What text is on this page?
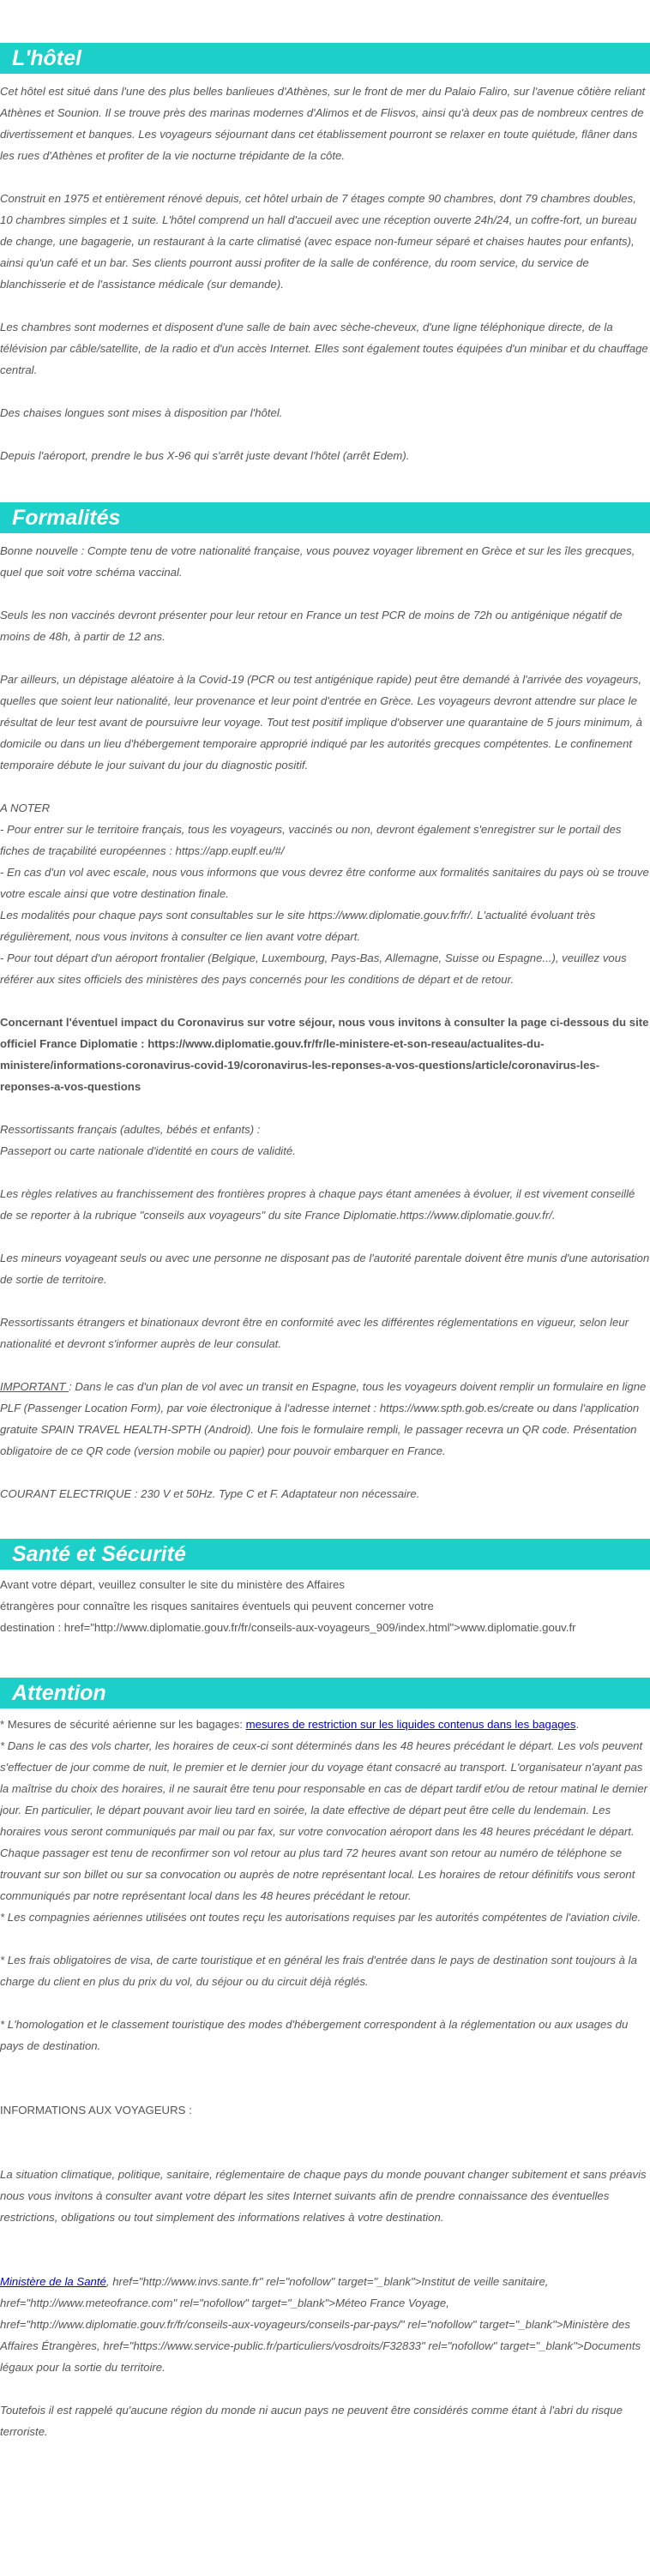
L'hôtel

Cet hôtel est situé dans l'une des plus belles banlieues d'Athènes, sur le front de mer du Palaio Faliro, sur l'avenue côtière reliant Athènes et Sounion. Il se trouve près des marinas modernes d'Alimos et de Flisvos, ainsi qu'à deux pas de nombreux centres de divertissement et banques. Les voyageurs séjournant dans cet établissement pourront se relaxer en toute quiétude, flâner dans les rues d'Athènes et profiter de la vie nocturne trépidante de la côte.

Construit en 1975 et entièrement rénové depuis, cet hôtel urbain de 7 étages compte 90 chambres, dont 79 chambres doubles, 10 chambres simples et 1 suite. L'hôtel comprend un hall d'accueil avec une réception ouverte 24h/24, un coffre-fort, un bureau de change, une bagagerie, un restaurant à la carte climatisé (avec espace non-fumeur séparé et chaises hautes pour enfants), ainsi qu'un café et un bar. Ses clients pourront aussi profiter de la salle de conférence, du room service, du service de blanchisserie et de l'assistance médicale (sur demande).

Les chambres sont modernes et disposent d'une salle de bain avec sèche-cheveux, d'une ligne téléphonique directe, de la télévision par câble/satellite, de la radio et d'un accès Internet. Elles sont également toutes équipées d'un minibar et du chauffage central.

Des chaises longues sont mises à disposition par l'hôtel.

Depuis l'aéroport, prendre le bus X-96 qui s'arrêt juste devant l'hôtel (arrêt Edem).

Formalités

Bonne nouvelle : Compte tenu de votre nationalité française, vous pouvez voyager librement en Grèce et sur les îles grecques, quel que soit votre schéma vaccinal.

Seuls les non vaccinés devront présenter pour leur retour en France un test PCR de moins de 72h ou antigénique négatif de moins de 48h, à partir de 12 ans.

Par ailleurs, un dépistage aléatoire à la Covid-19 (PCR ou test antigénique rapide) peut être demandé à l'arrivée des voyageurs, quelles que soient leur nationalité, leur provenance et leur point d'entrée en Grèce. Les voyageurs devront attendre sur place le résultat de leur test avant de poursuivre leur voyage. Tout test positif implique d'observer une quarantaine de 5 jours minimum, à domicile ou dans un lieu d'hébergement temporaire approprié indiqué par les autorités grecques compétentes. Le confinement temporaire débute le jour suivant du jour du diagnostic positif.

A NOTER

- Pour entrer sur le territoire français, tous les voyageurs, vaccinés ou non, devront également s'enregistrer sur le portail des fiches de traçabilité européennes : https://app.euplf.eu/#/

- En cas d'un vol avec escale, nous vous informons que vous devrez être conforme aux formalités sanitaires du pays où se trouve votre escale ainsi que votre destination finale.

Les modalités pour chaque pays sont consultables sur le site https://www.diplomatie.gouv.fr/fr/. L'actualité évoluant très régulièrement, nous vous invitons à consulter ce lien avant votre départ.

- Pour tout départ d'un aéroport frontalier (Belgique, Luxembourg, Pays-Bas, Allemagne, Suisse ou Espagne...), veuillez vous référer aux sites officiels des ministères des pays concernés pour les conditions de départ et de retour.

Concernant l'éventuel impact du Coronavirus sur votre séjour, nous vous invitons à consulter la page ci-dessous du site officiel France Diplomatie : https://www.diplomatie.gouv.fr/fr/le-ministere-et-son-reseau/actualites-du-ministere/informations-coronavirus-covid-19/coronavirus-les-reponses-a-vos-questions/article/coronavirus-les-reponses-a-vos-questions

Ressortissants français (adultes, bébés et enfants) :

Passeport ou carte nationale d'identité en cours de validité.

Les règles relatives au franchissement des frontières propres à chaque pays étant amenées à évoluer, il est vivement conseillé de se reporter à la rubrique "conseils aux voyageurs" du site France Diplomatie.https://www.diplomatie.gouv.fr/.

Les mineurs voyageant seuls ou avec une personne ne disposant pas de l'autorité parentale doivent être munis d'une autorisation de sortie de territoire.

Ressortissants étrangers et binationaux devront être en conformité avec les différentes réglementations en vigueur, selon leur nationalité et devront s'informer auprès de leur consulat.

IMPORTANT : Dans le cas d'un plan de vol avec un transit en Espagne, tous les voyageurs doivent remplir un formulaire en ligne PLF (Passenger Location Form), par voie électronique à l'adresse internet : https://www.spth.gob.es/create ou dans l'application gratuite SPAIN TRAVEL HEALTH-SPTH (Android). Une fois le formulaire rempli, le passager recevra un QR code. Présentation obligatoire de ce QR code (version mobile ou papier) pour pouvoir embarquer en France.

COURANT ELECTRIQUE : 230 V et 50Hz. Type C et F. Adaptateur non nécessaire.

Santé et Sécurité

Avant votre départ, veuillez consulter le site du ministère des Affaires

étrangères pour connaître les risques sanitaires éventuels qui peuvent concerner votre

destination : href="http://www.diplomatie.gouv.fr/fr/conseils-aux-voyageurs_909/index.html">www.diplomatie.gouv.fr

Attention

* Mesures de sécurité aérienne sur les bagages: mesures de restriction sur les liquides contenus dans les bagages.

* Dans le cas des vols charter, les horaires de ceux-ci sont déterminés dans les 48 heures précédant le départ. Les vols peuvent s'effectuer de jour comme de nuit, le premier et le dernier jour du voyage étant consacré au transport. L'organisateur n'ayant pas la maîtrise du choix des horaires, il ne saurait être tenu pour responsable en cas de départ tardif et/ou de retour matinal le dernier jour. En particulier, le départ pouvant avoir lieu tard en soirée, la date effective de départ peut être celle du lendemain. Les horaires vous seront communiqués par mail ou par fax, sur votre convocation aéroport dans les 48 heures précédant le départ. Chaque passager est tenu de reconfirmer son vol retour au plus tard 72 heures avant son retour au numéro de téléphone se trouvant sur son billet ou sur sa convocation ou auprès de notre représentant local. Les horaires de retour définitifs vous seront communiqués par notre représentant local dans les 48 heures précédant le retour.

* Les compagnies aériennes utilisées ont toutes reçu les autorisations requises par les autorités compétentes de l'aviation civile.

* Les frais obligatoires de visa, de carte touristique et en général les frais d'entrée dans le pays de destination sont toujours à la charge du client en plus du prix du vol, du séjour ou du circuit déjà réglés.

* L'homologation et le classement touristique des modes d'hébergement correspondent à la réglementation ou aux usages du pays de destination.

INFORMATIONS AUX VOYAGEURS :

La situation climatique, politique, sanitaire, réglementaire de chaque pays du monde pouvant changer subitement et sans préavis

nous vous invitons à consulter avant votre départ les sites Internet suivants afin de prendre connaissance des éventuelles restrictions, obligations ou tout simplement des informations relatives à votre destination.

Ministère de la Santé, href="http://www.invs.sante.fr" rel="nofollow" target="_blank">Institut de veille sanitaire, href="http://www.meteofrance.com" rel="nofollow" target="_blank">Méteo France Voyage, href="http://www.diplomatie.gouv.fr/fr/conseils-aux-voyageurs/conseils-par-pays/" rel="nofollow" target="_blank">Ministère des Affaires Étrangères, href="https://www.service-public.fr/particuliers/vosdroits/F32833" rel="nofollow" target="_blank">Documents légaux pour la sortie du territoire.

Toutefois il est rappelé qu'aucune région du monde ni aucun pays ne peuvent être considérés comme étant à l'abri du risque terroriste.
